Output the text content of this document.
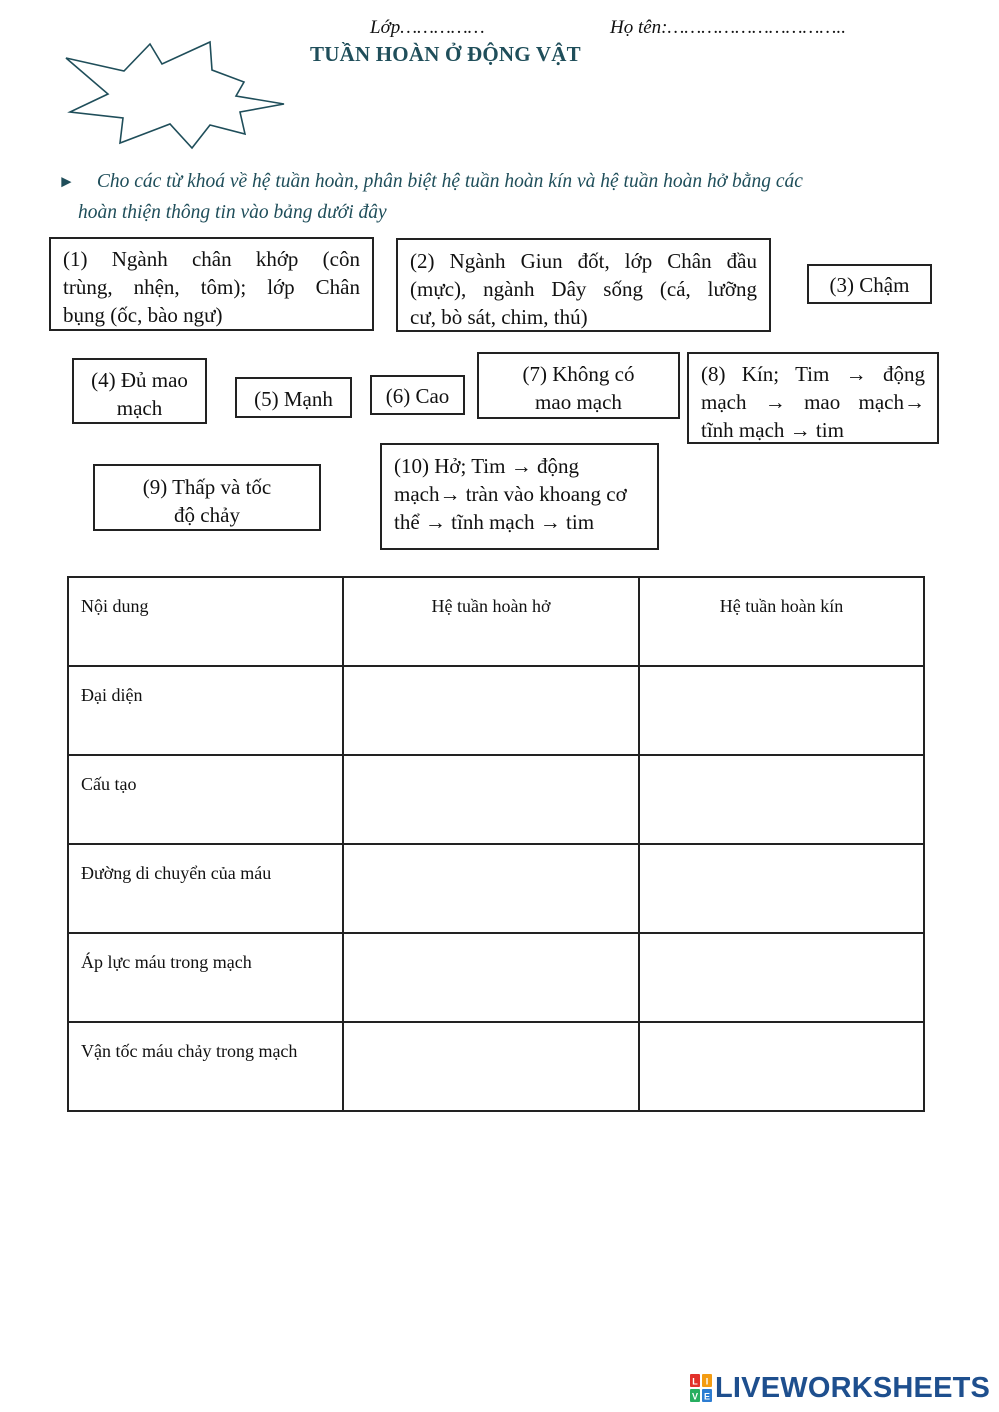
Lớp……………	Họ tên:…………………………..
TUẦN HOÀN Ở ĐỘNG VẬT
► Cho các từ khoá về hệ tuần hoàn, phân biệt hệ tuần hoàn kín và hệ tuần hoàn hở bằng các
hoàn thiện thông tin vào bảng dưới đây
(1) Ngành chân khớp (côn
trùng, nhện, tôm); lớp Chân
bụng (ốc, bào ngư)
(2) Ngành Giun đốt, lớp Chân đầu
(mực), ngành Dây sống (cá, lưỡng
cư, bò sát, chim, thú)
(3) Chậm
(4) Đủ mao
mạch	(5) Mạnh	(6) Cao
(7) Không có
mao mạch
(8) Kín; Tim → động
mạch → mao mạch→
tĩnh mạch → tim
(9) Thấp và tốc
độ chảy
(10) Hở; Tim → động
mạch→ tràn vào khoang cơ
thể → tĩnh mạch → tim
Nội dung	Hệ tuần hoàn hở	Hệ tuần hoàn kín
Đại diện		
Cấu tạo		
Đường di chuyển của máu		
Áp lực máu trong mạch		
Vận tốc máu chảy trong mạch		
L I
V E LIVEWORKSHEETS
